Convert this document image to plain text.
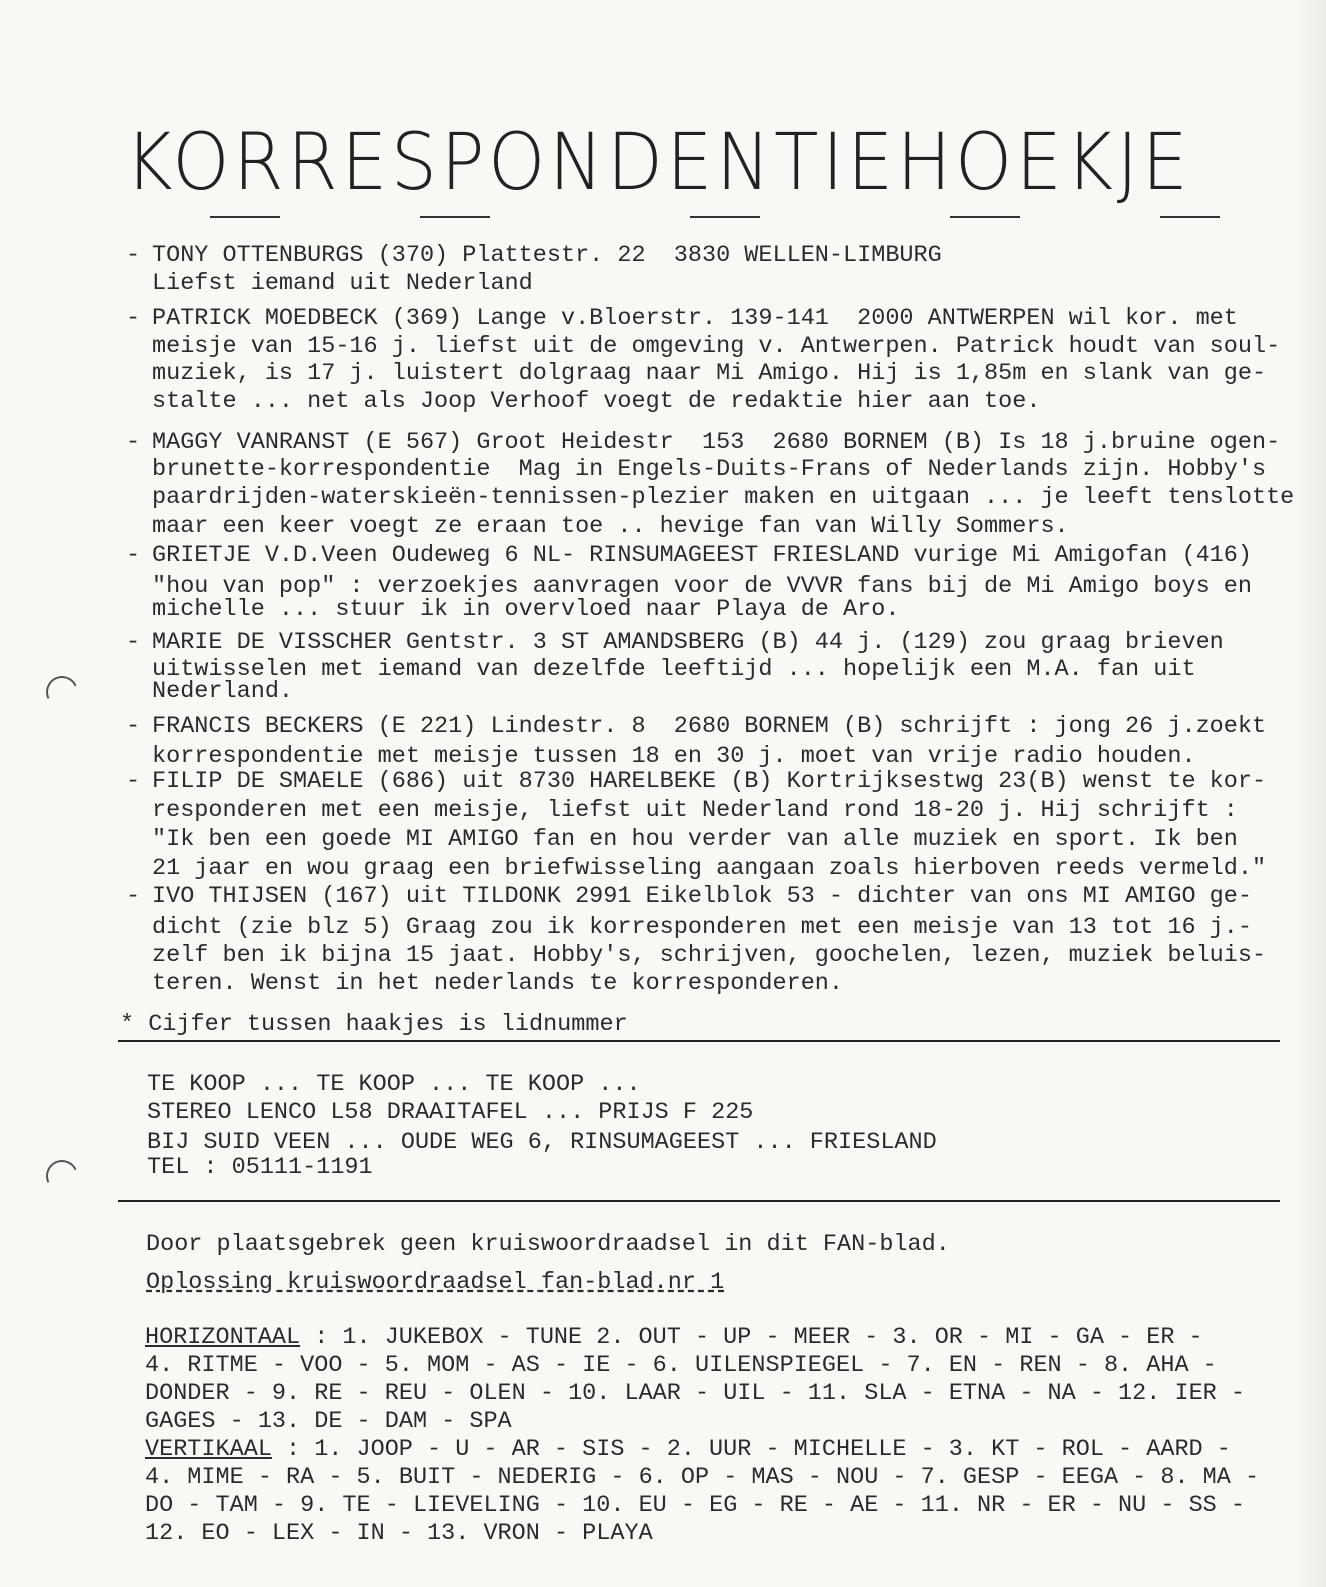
KORRESPONDENTIEHOEKJE
- TONY OTTENBURGS (370) Plattestr. 22  3830 WELLEN-LIMBURG
Liefst iemand uit Nederland
- PATRICK MOEDBECK (369) Lange v.Bloerstr. 139-141  2000 ANTWERPEN wil kor. met
meisje van 15-16 j. liefst uit de omgeving v. Antwerpen. Patrick houdt van soul-
muziek, is 17 j. luistert dolgraag naar Mi Amigo. Hij is 1,85m en slank van ge-
stalte ... net als Joop Verhoof voegt de redaktie hier aan toe.
- MAGGY VANRANST (E 567) Groot Heidestr  153  2680 BORNEM (B) Is 18 j.bruine ogen-
brunette-korrespondentie  Mag in Engels-Duits-Frans of Nederlands zijn. Hobby's
paardrijden-waterskieën-tennissen-plezier maken en uitgaan ... je leeft tenslotte
maar een keer voegt ze eraan toe .. hevige fan van Willy Sommers.
- GRIETJE V.D.Veen Oudeweg 6 NL- RINSUMAGEEST FRIESLAND vurige Mi Amigofan (416)
"hou van pop" : verzoekjes aanvragen voor de VVVR fans bij de Mi Amigo boys en
michelle ... stuur ik in overvloed naar Playa de Aro.
- MARIE DE VISSCHER Gentstr. 3 ST AMANDSBERG (B) 44 j. (129) zou graag brieven
uitwisselen met iemand van dezelfde leeftijd ... hopelijk een M.A. fan uit
Nederland.
- FRANCIS BECKERS (E 221) Lindestr. 8  2680 BORNEM (B) schrijft : jong 26 j.zoekt
korrespondentie met meisje tussen 18 en 30 j. moet van vrije radio houden.
- FILIP DE SMAELE (686) uit 8730 HARELBEKE (B) Kortrijksestwg 23(B) wenst te kor-
responderen met een meisje, liefst uit Nederland rond 18-20 j. Hij schrijft :
"Ik ben een goede MI AMIGO fan en hou verder van alle muziek en sport. Ik ben
21 jaar en wou graag een briefwisseling aangaan zoals hierboven reeds vermeld."
- IVO THIJSEN (167) uit TILDONK 2991 Eikelblok 53 - dichter van ons MI AMIGO ge-
dicht (zie blz 5) Graag zou ik korresponderen met een meisje van 13 tot 16 j.-
zelf ben ik bijna 15 jaat. Hobby's, schrijven, goochelen, lezen, muziek beluis-
teren. Wenst in het nederlands te korresponderen.
* Cijfer tussen haakjes is lidnummer
TE KOOP ... TE KOOP ... TE KOOP ...
STEREO LENCO L58 DRAAITAFEL ... PRIJS F 225
BIJ SUID VEEN ... OUDE WEG 6, RINSUMAGEEST ... FRIESLAND
TEL : 05111-1191
Door plaatsgebrek geen kruiswoordraadsel in dit FAN-blad.
Oplossing kruiswoordraadsel fan-blad.nr 1
HORIZONTAAL : 1. JUKEBOX - TUNE 2. OUT - UP - MEER - 3. OR - MI - GA - ER -
4. RITME - VOO - 5. MOM - AS - IE - 6. UILENSPIEGEL - 7. EN - REN - 8. AHA -
DONDER - 9. RE - REU - OLEN - 10. LAAR - UIL - 11. SLA - ETNA - NA - 12. IER -
GAGES - 13. DE - DAM - SPA
VERTIKAAL : 1. JOOP - U - AR - SIS - 2. UUR - MICHELLE - 3. KT - ROL - AARD -
4. MIME - RA - 5. BUIT - NEDERIG - 6. OP - MAS - NOU - 7. GESP - EEGA - 8. MA -
DO - TAM - 9. TE - LIEVELING - 10. EU - EG - RE - AE - 11. NR - ER - NU - SS -
12. EO - LEX - IN - 13. VRON - PLAYA
